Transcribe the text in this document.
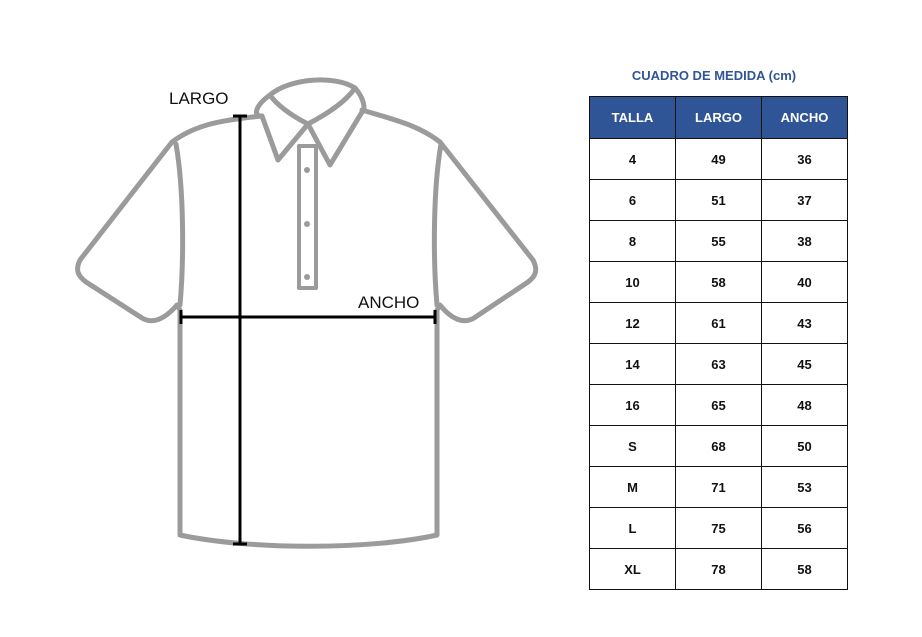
LARGO
ANCHO
CUADRO DE MEDIDA (cm)
TALLA	LARGO	ANCHO
4	49	36
6	51	37
8	55	38
10	58	40
12	61	43
14	63	45
16	65	48
S	68	50
M	71	53
L	75	56
XL	78	58
